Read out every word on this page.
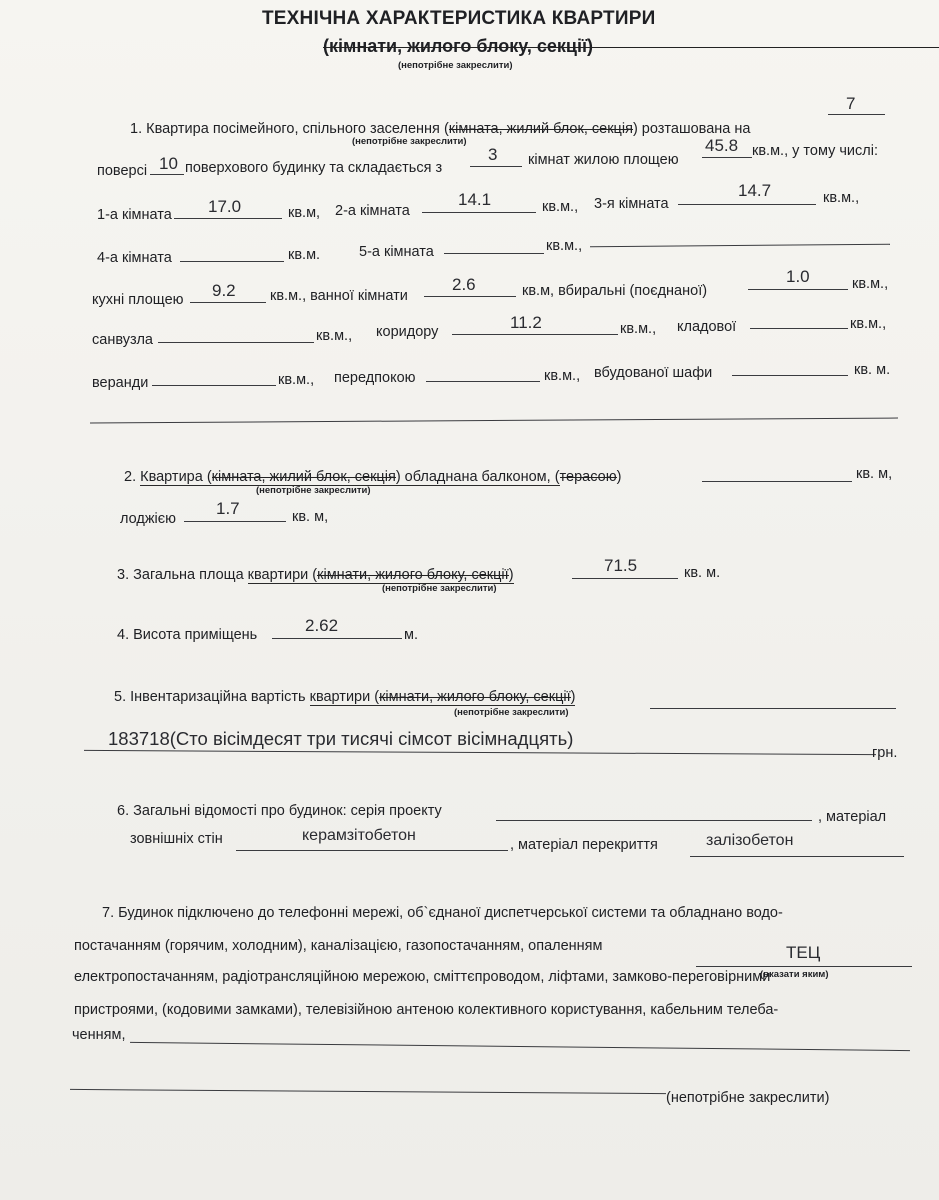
ТЕХНІЧНА ХАРАКТЕРИСТИКА КВАРТИРИ
(кімнати, жилого блоку, секції)
(непотрібне закреслити)
1. Квартира посімейного, спільного заселення (кімната, жилий блок, секція) розташована на
7
(непотрібне закреслити)
поверсі 10 поверхового будинку та складається з
3 кімнат жилою площею
45.8 кв.м., у тому числі:
1-а кімната 17.0	кв.м, 2-а кімната
14.1	кв.м., 3-я кімната
14.7	кв.м.,
4-а кімната	кв.м.	5-а кімната	кв.м.,
кухні площею 9.2 кв.м., ванної кімнати
2.6	кв.м, вбиральні (поєднаної)
1.0	кв.м.,
санвузла	кв.м., коридору	11.2	кв.м., кладової	кв.м.,
веранди	кв.м., передпокою	кв.м., вбудованої шафи	кв. м.
2. Квартира (кімната, жилий блок, секція) обладнана балконом, (терасою)	кв. м,
(непотрібне закреслити)
лоджією
1.7	кв. м,
3. Загальна площа квартири (кімнати, жилого блоку, секції)	71.5	кв. м.
(непотрібне закреслити)
4. Висота приміщень	2.62	м.
5. Інвентаризаційна вартість квартири (кімнати, жилого блоку, секції)
(непотрібне закреслити)
183718(Сто вісімдесят три тисячі сімсот вісімнадцять)
грн.
6. Загальні відомості про будинок: серія проекту	, матеріал
зовнішніх стін	керамзітобетон
, матеріал перекриття	залізобетон
7. Будинок підключено до телефонні мережі, об`єднаної диспетчерської системи та обладнано водо-
постачанням (горячим, холодним), каналізацією, газопостачанням, опаленням	ТЕЦ
(вказати яким)
електропостачанням, радіотрансляційною мережою, сміттєпроводом, ліфтами, замково-переговірними
пристроями, (кодовими замками), телевізійною антеною колективного користування, кабельним телеба-
ченням,
(непотрібне закреслити)
